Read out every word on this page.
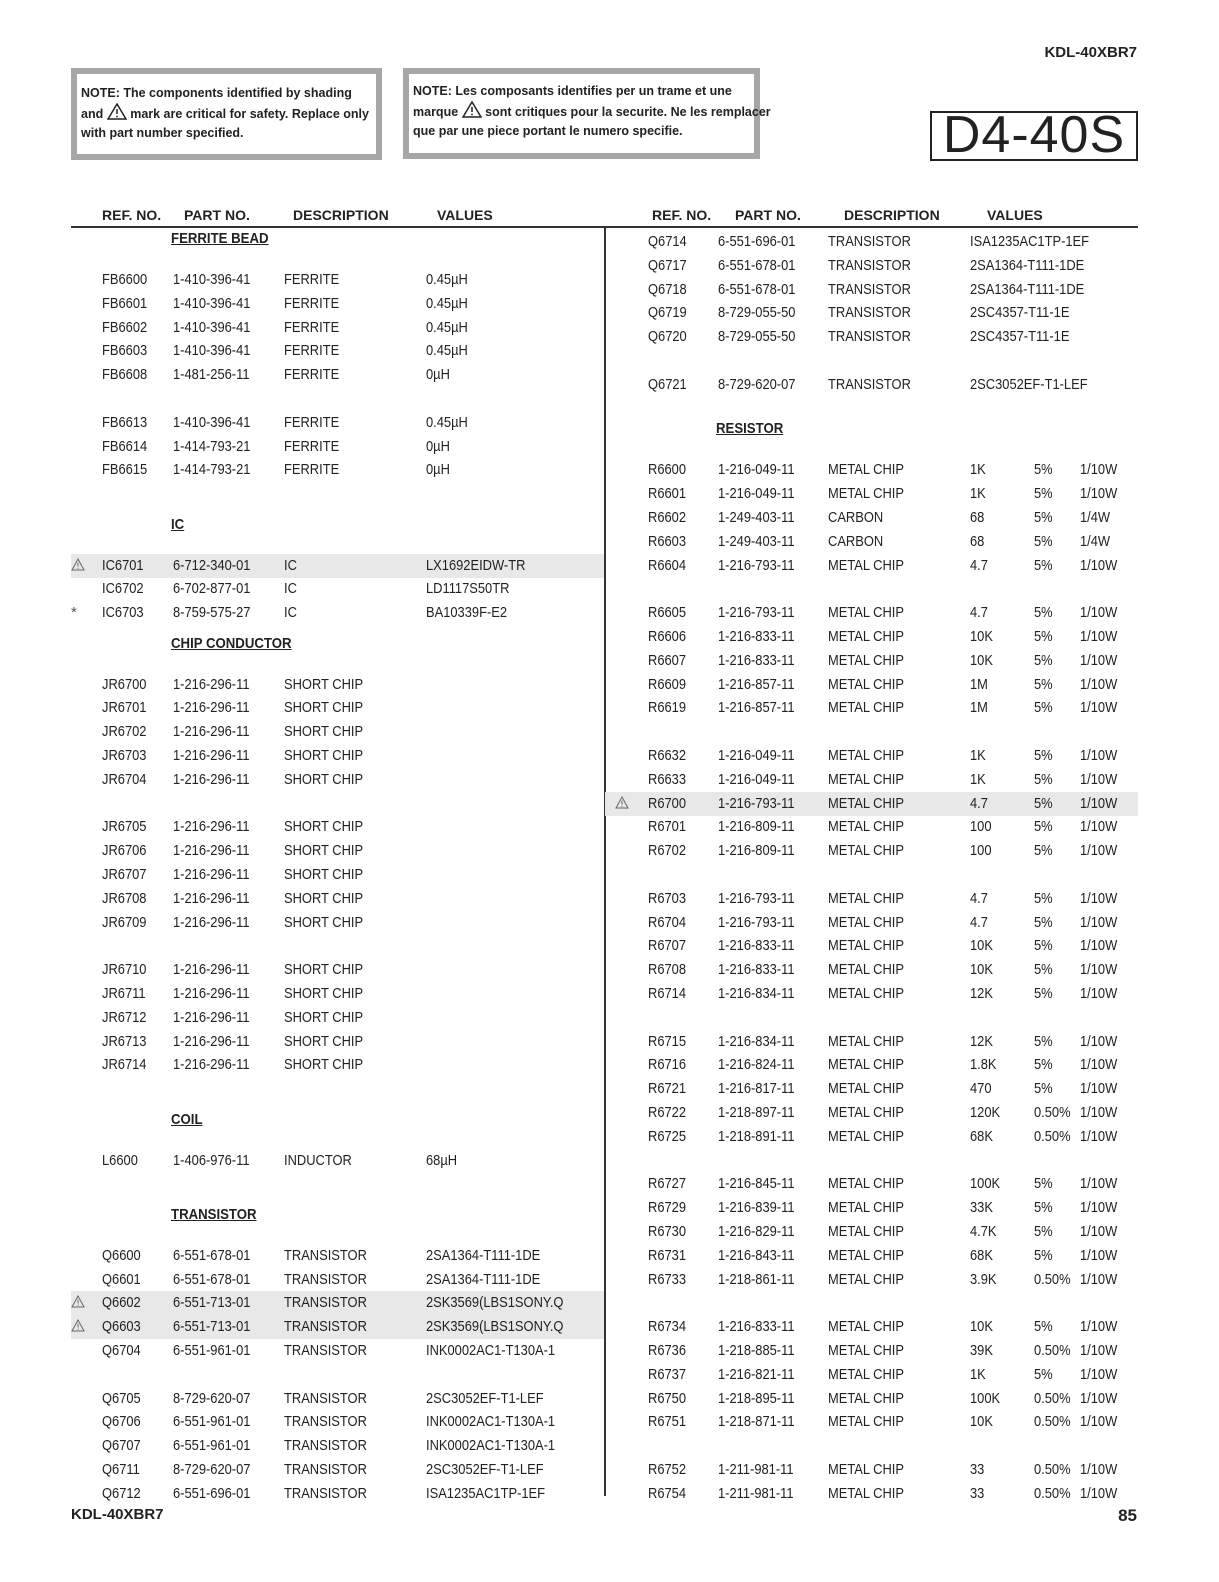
KDL-40XBR7
NOTE: The components identified by shading
and mark are critical for safety. Replace only
with part number specified.
NOTE: Les composants identifies per un trame et une
marque sont critiques pour la securite. Ne les remplacer
que par une piece portant le numero specifie.	D4-40S
REF. NO. PART NO.	DESCRIPTION	VALUES
FERRITE BEAD
IC
CHIP CONDUCTOR
COIL
TRANSISTOR
FB6600 1-410-396-41 FERRITE	0.45µH
FB6601 1-410-396-41 FERRITE	0.45µH
FB6602 1-410-396-41 FERRITE	0.45µH
FB6603 1-410-396-41 FERRITE	0.45µH
FB6608 1-481-256-11 FERRITE	0µH
FB6613 1-410-396-41 FERRITE	0.45µH
FB6614 1-414-793-21 FERRITE	0µH
FB6615 1-414-793-21 FERRITE	0µH
IC6701 6-712-340-01 IC	LX1692EIDW-TR
IC6702 6-702-877-01 IC	LD1117S50TR
* IC6703 8-759-575-27 IC	BA10339F-E2
JR6700 1-216-296-11 SHORT CHIP
JR6701 1-216-296-11 SHORT CHIP
JR6702 1-216-296-11 SHORT CHIP
JR6703 1-216-296-11 SHORT CHIP
JR6704 1-216-296-11 SHORT CHIP
JR6705 1-216-296-11 SHORT CHIP
JR6706 1-216-296-11 SHORT CHIP
JR6707 1-216-296-11 SHORT CHIP
JR6708 1-216-296-11 SHORT CHIP
JR6709 1-216-296-11 SHORT CHIP
JR6710 1-216-296-11 SHORT CHIP
JR6711 1-216-296-11 SHORT CHIP
JR6712 1-216-296-11 SHORT CHIP
JR6713 1-216-296-11 SHORT CHIP
JR6714 1-216-296-11 SHORT CHIP
L6600 1-406-976-11 INDUCTOR	68µH
Q6600 6-551-678-01 TRANSISTOR	2SA1364-T111-1DE
Q6601 6-551-678-01 TRANSISTOR	2SA1364-T111-1DE
Q6602 6-551-713-01 TRANSISTOR	2SK3569(LBS1SONY.Q
Q6603 6-551-713-01 TRANSISTOR	2SK3569(LBS1SONY.Q
Q6704 6-551-961-01 TRANSISTOR	INK0002AC1-T130A-1
Q6705 8-729-620-07 TRANSISTOR	2SC3052EF-T1-LEF
Q6706 6-551-961-01 TRANSISTOR	INK0002AC1-T130A-1
Q6707 6-551-961-01 TRANSISTOR	INK0002AC1-T130A-1
Q6711 8-729-620-07 TRANSISTOR	2SC3052EF-T1-LEF
Q6712 6-551-696-01 TRANSISTOR	ISA1235AC1TP-1EF
REF. NO. PART NO.	DESCRIPTION	VALUES
RESISTOR
Q6714 6-551-696-01 TRANSISTOR	ISA1235AC1TP-1EF
Q6717 6-551-678-01 TRANSISTOR	2SA1364-T111-1DE
Q6718 6-551-678-01 TRANSISTOR	2SA1364-T111-1DE
Q6719 8-729-055-50 TRANSISTOR	2SC4357-T11-1E
Q6720 8-729-055-50 TRANSISTOR	2SC4357-T11-1E
Q6721 8-729-620-07 TRANSISTOR	2SC3052EF-T1-LEF
R6600 1-216-049-11 METAL CHIP	1K	5% 1/10W
R6601 1-216-049-11 METAL CHIP	1K	5% 1/10W
R6602 1-249-403-11 CARBON	68	5% 1/4W
R6603 1-249-403-11 CARBON	68	5% 1/4W
R6604 1-216-793-11 METAL CHIP	4.7	5% 1/10W
R6605 1-216-793-11 METAL CHIP	4.7	5% 1/10W
R6606 1-216-833-11 METAL CHIP	10K	5% 1/10W
R6607 1-216-833-11 METAL CHIP	10K	5% 1/10W
R6609 1-216-857-11 METAL CHIP	1M	5% 1/10W
R6619 1-216-857-11 METAL CHIP	1M	5% 1/10W
R6632 1-216-049-11 METAL CHIP	1K	5% 1/10W
R6633 1-216-049-11 METAL CHIP	1K	5% 1/10W
R6700 1-216-793-11 METAL CHIP	4.7	5% 1/10W
R6701 1-216-809-11 METAL CHIP	100	5% 1/10W
R6702 1-216-809-11 METAL CHIP	100	5% 1/10W
R6703 1-216-793-11 METAL CHIP	4.7	5% 1/10W
R6704 1-216-793-11 METAL CHIP	4.7	5% 1/10W
R6707 1-216-833-11 METAL CHIP	10K	5% 1/10W
R6708 1-216-833-11 METAL CHIP	10K	5% 1/10W
R6714 1-216-834-11 METAL CHIP	12K	5% 1/10W
R6715 1-216-834-11 METAL CHIP	12K	5% 1/10W
R6716 1-216-824-11 METAL CHIP	1.8K 5% 1/10W
R6721 1-216-817-11 METAL CHIP	470	5% 1/10W
R6722 1-218-897-11 METAL CHIP	120K 0.50% 1/10W
R6725 1-218-891-11 METAL CHIP	68K	0.50% 1/10W
R6727 1-216-845-11 METAL CHIP	100K 5% 1/10W
R6729 1-216-839-11 METAL CHIP	33K	5% 1/10W
R6730 1-216-829-11 METAL CHIP	4.7K 5% 1/10W
R6731 1-216-843-11 METAL CHIP	68K	5% 1/10W
R6733 1-218-861-11 METAL CHIP	3.9K 0.50% 1/10W
R6734 1-216-833-11 METAL CHIP	10K	5% 1/10W
R6736 1-218-885-11 METAL CHIP	39K	0.50% 1/10W
R6737 1-216-821-11 METAL CHIP	1K	5% 1/10W
R6750 1-218-895-11 METAL CHIP	100K 0.50% 1/10W
R6751 1-218-871-11 METAL CHIP	10K	0.50% 1/10W
R6752 1-211-981-11 METAL CHIP	33	0.50% 1/10W
R6754 1-211-981-11 METAL CHIP	33	0.50% 1/10W
KDL-40XBR7	85
